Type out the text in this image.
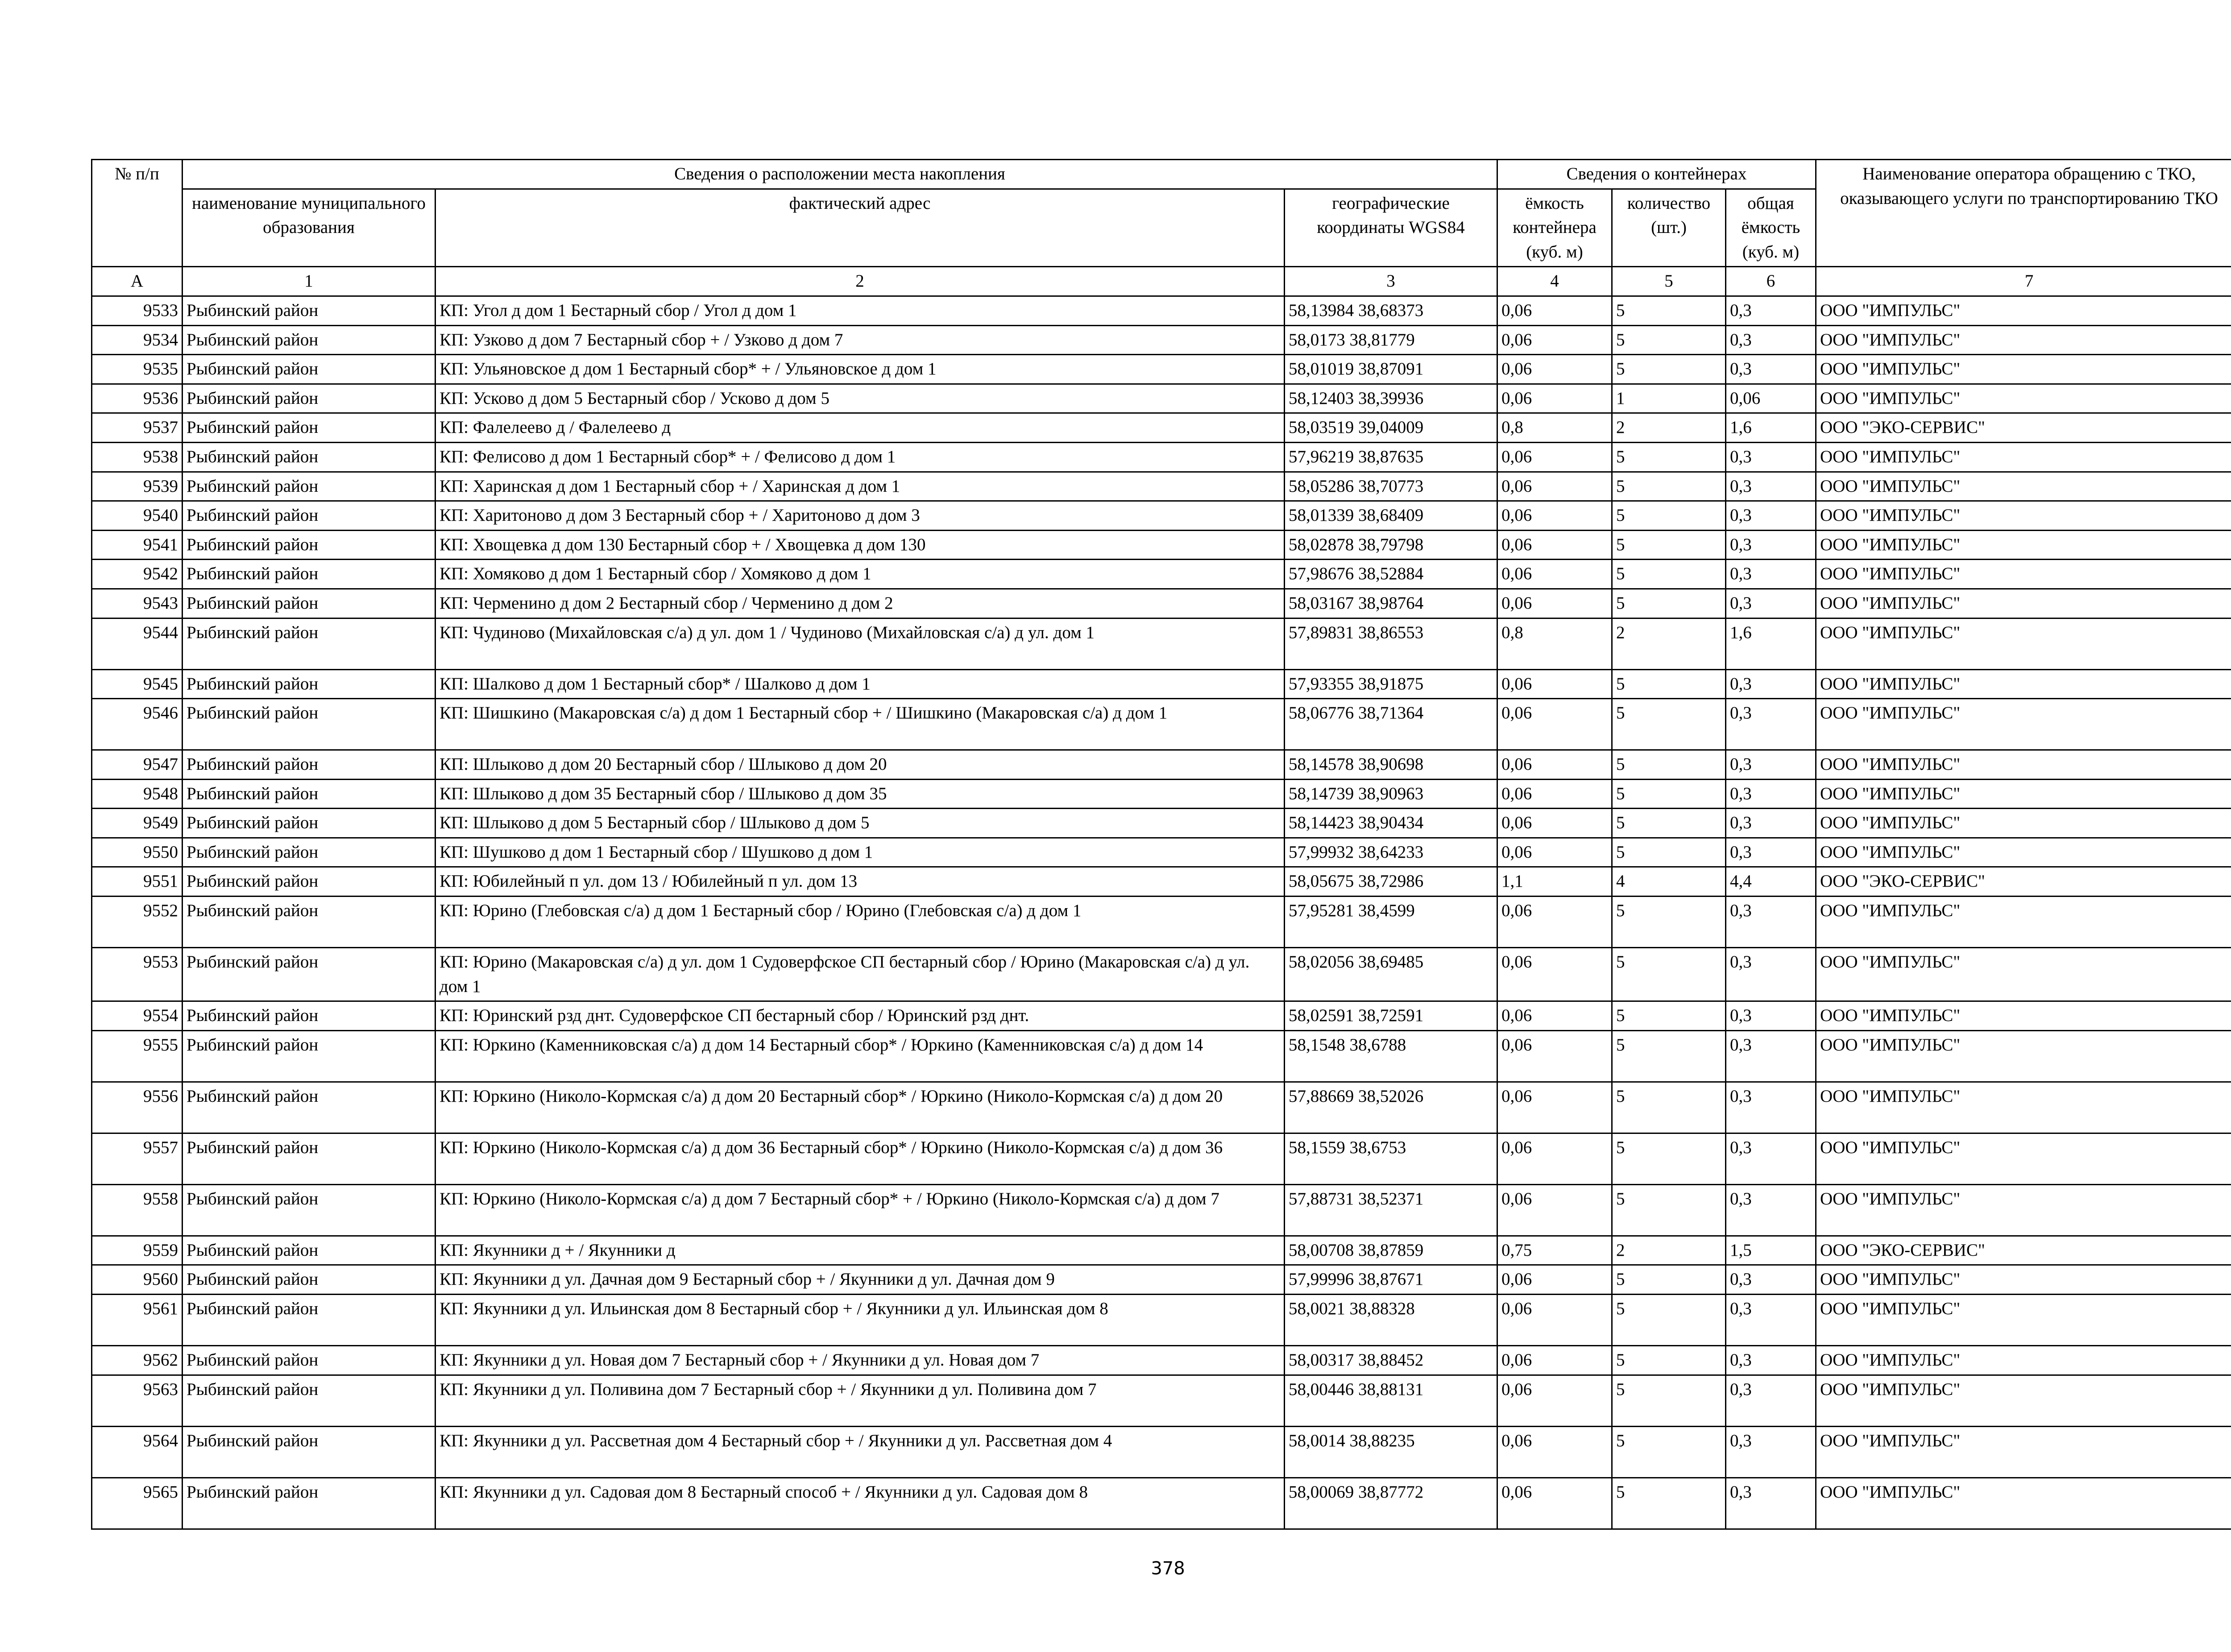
№ п/п	Сведения о расположении места накопления			Сведения о контейнерах			Наименование оператора обращению с ТКО, оказывающего услуги по транспортированию ТКО
	наименование муниципального образования	фактический адрес	географические координаты WGS84	ёмкость контейнера (куб. м)	количество (шт.)	общая ёмкость (куб. м)	
А	1	2	3	4	5	6	7
9533	Рыбинский район	КП: Угол д дом 1 Бестарный сбор / Угол д дом 1	58,13984 38,68373	0,06	5	0,3	ООО "ИМПУЛЬС"
9534	Рыбинский район	КП: Узково д дом 7 Бестарный сбор + / Узково д дом 7	58,0173 38,81779	0,06	5	0,3	ООО "ИМПУЛЬС"
9535	Рыбинский район	КП: Ульяновское д дом 1 Бестарный сбор* + / Ульяновское д дом 1	58,01019 38,87091	0,06	5	0,3	ООО "ИМПУЛЬС"
9536	Рыбинский район	КП: Усково д дом 5 Бестарный сбор / Усково д дом 5	58,12403 38,39936	0,06	1	0,06	ООО "ИМПУЛЬС"
9537	Рыбинский район	КП: Фалелеево д / Фалелеево д	58,03519 39,04009	0,8	2	1,6	ООО "ЭКО-СЕРВИС"
9538	Рыбинский район	КП: Фелисово д дом 1 Бестарный сбор* + / Фелисово д дом 1	57,96219 38,87635	0,06	5	0,3	ООО "ИМПУЛЬС"
9539	Рыбинский район	КП: Харинская д дом 1 Бестарный сбор + / Харинская д дом 1	58,05286 38,70773	0,06	5	0,3	ООО "ИМПУЛЬС"
9540	Рыбинский район	КП: Харитоново д дом 3 Бестарный сбор + / Харитоново д дом 3	58,01339 38,68409	0,06	5	0,3	ООО "ИМПУЛЬС"
9541	Рыбинский район	КП: Хвощевка д дом 130 Бестарный сбор + / Хвощевка д дом 130	58,02878 38,79798	0,06	5	0,3	ООО "ИМПУЛЬС"
9542	Рыбинский район	КП: Хомяково д дом 1 Бестарный сбор / Хомяково д дом 1	57,98676 38,52884	0,06	5	0,3	ООО "ИМПУЛЬС"
9543	Рыбинский район	КП: Черменино д дом 2 Бестарный сбор / Черменино д дом 2	58,03167 38,98764	0,06	5	0,3	ООО "ИМПУЛЬС"
9544	Рыбинский район	КП: Чудиново (Михайловская с/а) д ул. дом 1 / Чудиново (Михайловская с/а) д ул. дом 1	57,89831 38,86553	0,8	2	1,6	ООО "ИМПУЛЬС"
9545	Рыбинский район	КП: Шалково д дом 1 Бестарный сбор* / Шалково д дом 1	57,93355 38,91875	0,06	5	0,3	ООО "ИМПУЛЬС"
9546	Рыбинский район	КП: Шишкино (Макаровская с/а) д дом 1 Бестарный сбор + / Шишкино (Макаровская с/а) д дом 1	58,06776 38,71364	0,06	5	0,3	ООО "ИМПУЛЬС"
9547	Рыбинский район	КП: Шлыково д дом 20 Бестарный сбор / Шлыково д дом 20	58,14578 38,90698	0,06	5	0,3	ООО "ИМПУЛЬС"
9548	Рыбинский район	КП: Шлыково д дом 35 Бестарный сбор / Шлыково д дом 35	58,14739 38,90963	0,06	5	0,3	ООО "ИМПУЛЬС"
9549	Рыбинский район	КП: Шлыково д дом 5 Бестарный сбор / Шлыково д дом 5	58,14423 38,90434	0,06	5	0,3	ООО "ИМПУЛЬС"
9550	Рыбинский район	КП: Шушково д дом 1 Бестарный сбор / Шушково д дом 1	57,99932 38,64233	0,06	5	0,3	ООО "ИМПУЛЬС"
9551	Рыбинский район	КП: Юбилейный п ул. дом 13 / Юбилейный п ул. дом 13	58,05675 38,72986	1,1	4	4,4	ООО "ЭКО-СЕРВИС"
9552	Рыбинский район	КП: Юрино (Глебовская с/а) д дом 1 Бестарный сбор / Юрино (Глебовская с/а) д дом 1	57,95281 38,4599	0,06	5	0,3	ООО "ИМПУЛЬС"
9553	Рыбинский район	КП: Юрино (Макаровская с/а) д ул. дом 1 Судоверфское СП бестарный сбор / Юрино (Макаровская с/а) д ул. дом 1	58,02056 38,69485	0,06	5	0,3	ООО "ИМПУЛЬС"
9554	Рыбинский район	КП: Юринский рзд днт. Судоверфское СП бестарный сбор / Юринский рзд днт.	58,02591 38,72591	0,06	5	0,3	ООО "ИМПУЛЬС"
9555	Рыбинский район	КП: Юркино (Каменниковская с/а) д дом 14 Бестарный сбор* / Юркино (Каменниковская с/а) д дом 14	58,1548 38,6788	0,06	5	0,3	ООО "ИМПУЛЬС"
9556	Рыбинский район	КП: Юркино (Николо-Кормская с/а) д дом 20 Бестарный сбор* / Юркино (Николо-Кормская с/а) д дом 20	57,88669 38,52026	0,06	5	0,3	ООО "ИМПУЛЬС"
9557	Рыбинский район	КП: Юркино (Николо-Кормская с/а) д дом 36 Бестарный сбор* / Юркино (Николо-Кормская с/а) д дом 36	58,1559 38,6753	0,06	5	0,3	ООО "ИМПУЛЬС"
9558	Рыбинский район	КП: Юркино (Николо-Кормская с/а) д дом 7 Бестарный сбор* + / Юркино (Николо-Кормская с/а) д дом 7	57,88731 38,52371	0,06	5	0,3	ООО "ИМПУЛЬС"
9559	Рыбинский район	КП: Якунники д + / Якунники д	58,00708 38,87859	0,75	2	1,5	ООО "ЭКО-СЕРВИС"
9560	Рыбинский район	КП: Якунники д ул. Дачная дом 9 Бестарный сбор + / Якунники д ул. Дачная дом 9	57,99996 38,87671	0,06	5	0,3	ООО "ИМПУЛЬС"
9561	Рыбинский район	КП: Якунники д ул. Ильинская дом 8 Бестарный сбор + / Якунники д ул. Ильинская дом 8	58,0021 38,88328	0,06	5	0,3	ООО "ИМПУЛЬС"
9562	Рыбинский район	КП: Якунники д ул. Новая дом 7 Бестарный сбор + / Якунники д ул. Новая дом 7	58,00317 38,88452	0,06	5	0,3	ООО "ИМПУЛЬС"
9563	Рыбинский район	КП: Якунники д ул. Поливина дом 7 Бестарный сбор + / Якунники д ул. Поливина дом 7	58,00446 38,88131	0,06	5	0,3	ООО "ИМПУЛЬС"
9564	Рыбинский район	КП: Якунники д ул. Рассветная дом 4 Бестарный сбор + / Якунники д ул. Рассветная дом 4	58,0014 38,88235	0,06	5	0,3	ООО "ИМПУЛЬС"
9565	Рыбинский район	КП: Якунники д ул. Садовая дом 8 Бестарный способ + / Якунники д ул. Садовая дом 8	58,00069 38,87772	0,06	5	0,3	ООО "ИМПУЛЬС"
378
